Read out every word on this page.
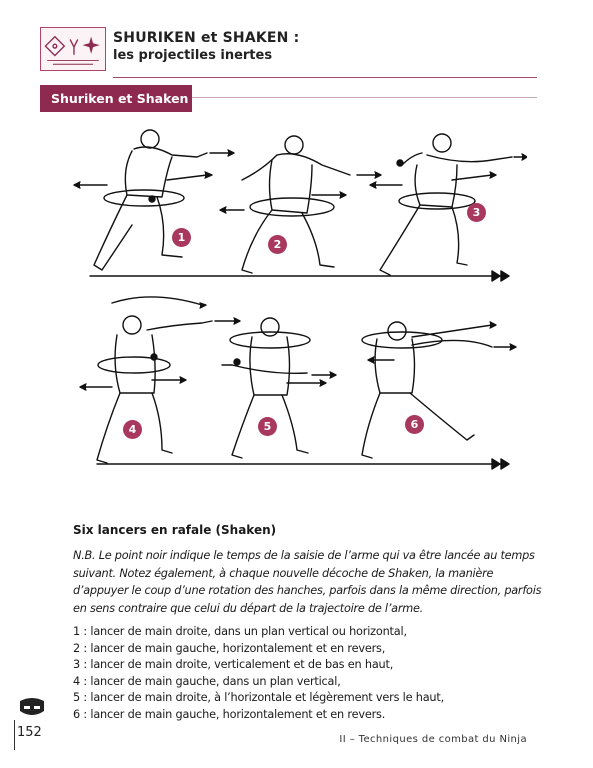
SHURIKEN et SHAKEN :
les projectiles inertes
Shuriken et Shaken 4
1
2
3
4	5	6
Six lancers en rafale (Shaken)
N.B. Le point noir indique le temps de la saisie de l’arme qui va être lancée au temps suivant. Notez également, à chaque nouvelle décoche de Shaken, la manière d’appuyer le coup d’une rotation des hanches, parfois dans la même direction, parfois en sens contraire que celui du départ de la trajectoire de l’arme.
1 : lancer de main droite, dans un plan vertical ou horizontal,
2 : lancer de main gauche, horizontalement et en revers,
3 : lancer de main droite, verticalement et de bas en haut,
4 : lancer de main gauche, dans un plan vertical,
5 : lancer de main droite, à l’horizontale et légèrement vers le haut,
6 : lancer de main gauche, horizontalement et en revers.
152	II – Techniques de combat du Ninja
